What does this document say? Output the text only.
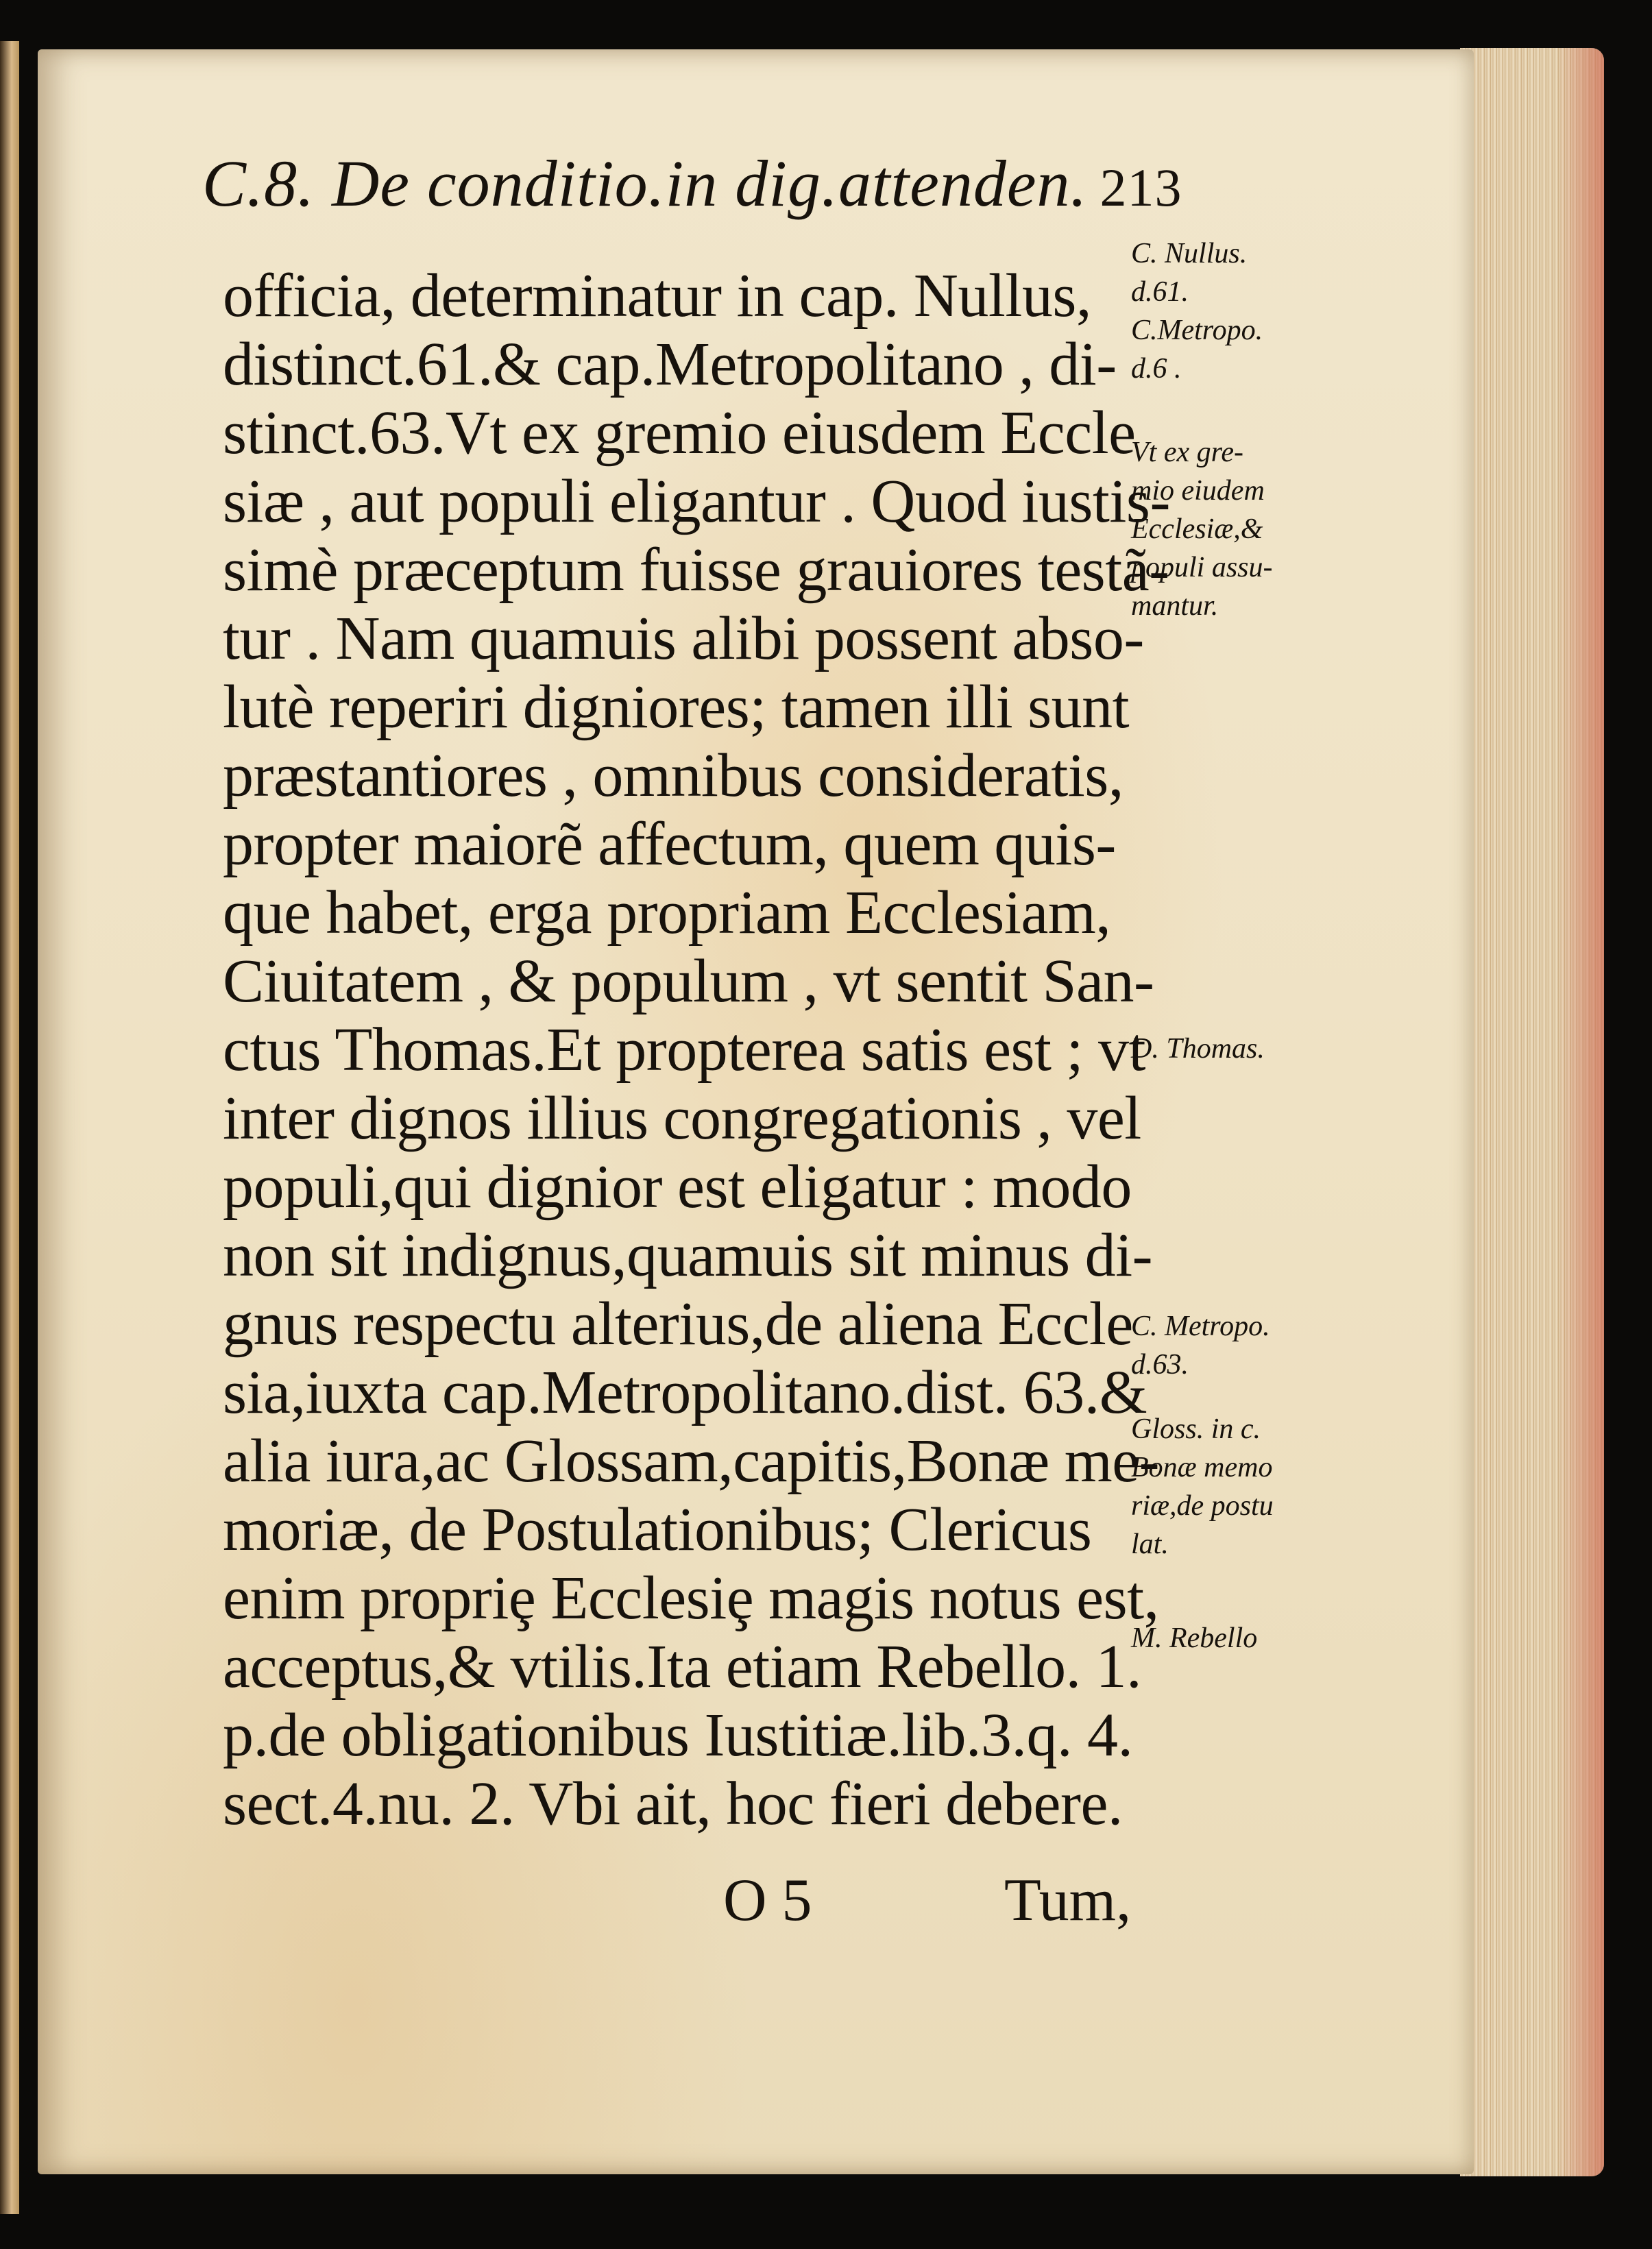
C.8. De conditio.in dig.attenden. 213
officia, determinatur in cap. Nullus,
distinct.61.& cap.Metropolitano , di-
stinct.63.Vt ex gremio eiusdem Eccle
siæ , aut populi eligantur . Quod iustis-
simè præceptum fuisse grauiores testã-
tur . Nam quamuis alibi possent abso-
lutè reperiri digniores; tamen illi sunt
præstantiores , omnibus consideratis,
propter maiorẽ affectum, quem quis-
que habet, erga propriam Ecclesiam,
Ciuitatem , & populum , vt sentit San-
ctus Thomas.Et propterea satis est ; vt
inter dignos illius congregationis , vel
populi,qui dignior est eligatur : modo
non sit indignus,quamuis sit minus di-
gnus respectu alterius,de aliena Eccle
sia,iuxta cap.Metropolitano.dist. 63.&
alia iura,ac Glossam,capitis,Bonæ me-
moriæ, de Postulationibus; Clericus
enim propriȩ Ecclesiȩ magis notus est,
acceptus,& vtilis.Ita etiam Rebello. 1.
p.de obligationibus Iustitiæ.lib.3.q. 4.
sect.4.nu. 2. Vbi ait, hoc fieri debere.
C. Nullus.
d.61.
C.Metropo.
d.6 .
Vt ex gre-
mio eiudem
Ecclesiæ,&
populi assu-
mantur.
D. Thomas.
C. Metropo.
d.63.
Gloss. in c.
Bonæ memo
riæ,de postu
lat.
M. Rebello
O 5	Tum,
